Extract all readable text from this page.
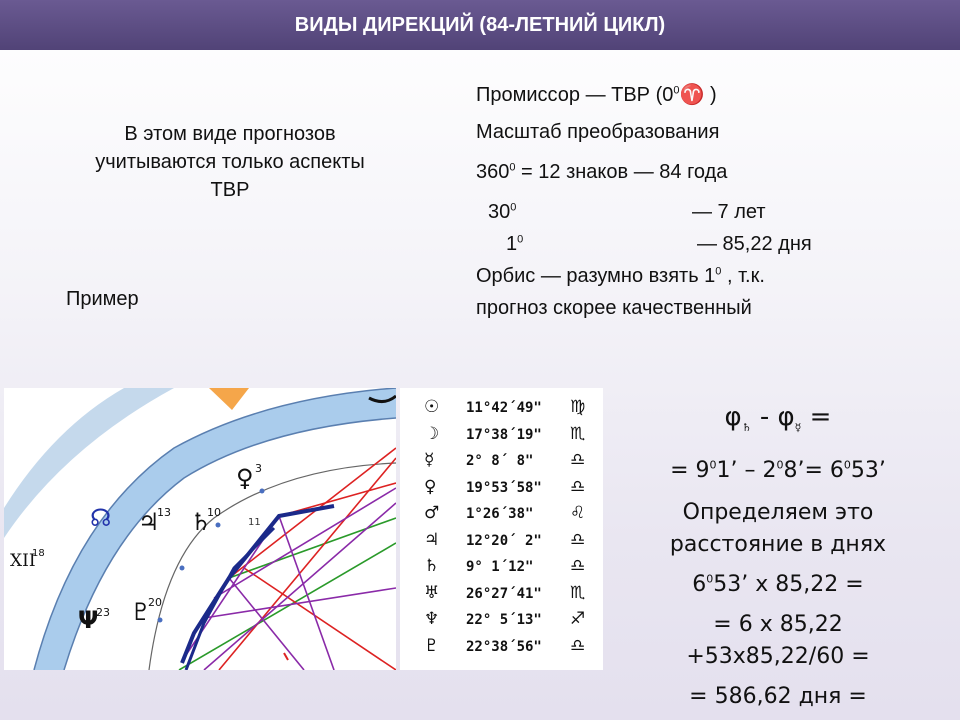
ВИДЫ ДИРЕКЦИЙ (84-ЛЕТНИЙ ЦИКЛ)
В этом виде прогнозов
учитываются только аспекты
ТВР
Пример
Промиссор — ТВР ($0^0♈$ )
Масштаб преобразования
$360^0 = 12$ знаков — 84 года
$30^0$	— 7 лет
$1^0$	— 85,22 дня
Орбис — разумно взять $1^0$ , т.к.
прогноз скорее качественный
☊ ♃
13 ♄
10
♀ 3
11
XII
18
Ψ
23 ♇
20
☉ 11°42´49" ♍
☽ 17°38´19" ♏
☿ 2° 8´ 8" ♎
♀ 19°53´58" ♎
♂ 1°26´38" ♌
♃ 12°20´ 2" ♎
♄ 9° 1´12" ♎
♅ 26°27´41" ♏
♆ 22° 5´13" ♐
♇ 22°38´56" ♎
$\varphi_♄ - \varphi_☿$ =
= $9^01$’ – $2^08’= 6^053$’
Определяем это
расстояние в днях
$6^053$’ х 85,22 =
= 6 х 85,22
+53х85,22/60 =
= 586,62 дня =
